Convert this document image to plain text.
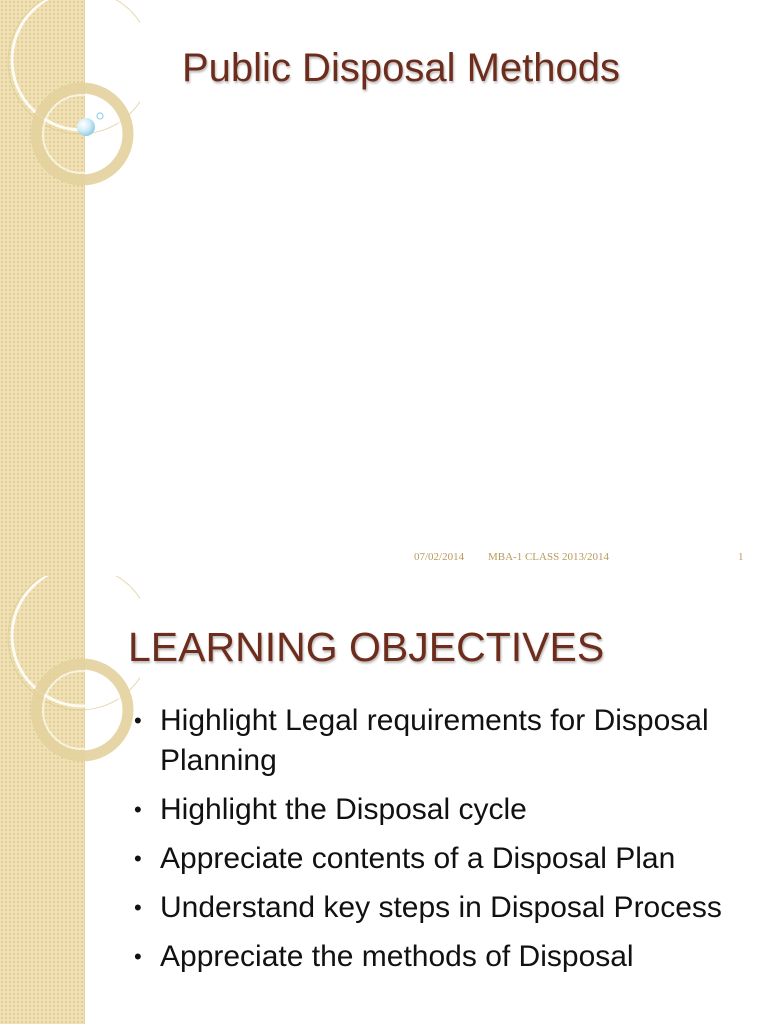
Public Disposal Methods
07/02/2014 MBA-1 CLASS 2013/2014	1
LEARNING OBJECTIVES
• Highlight Legal requirements for Disposal Planning
• Highlight the Disposal cycle
• Appreciate contents of a Disposal Plan
• Understand key steps in Disposal Process
• Appreciate the methods of Disposal
